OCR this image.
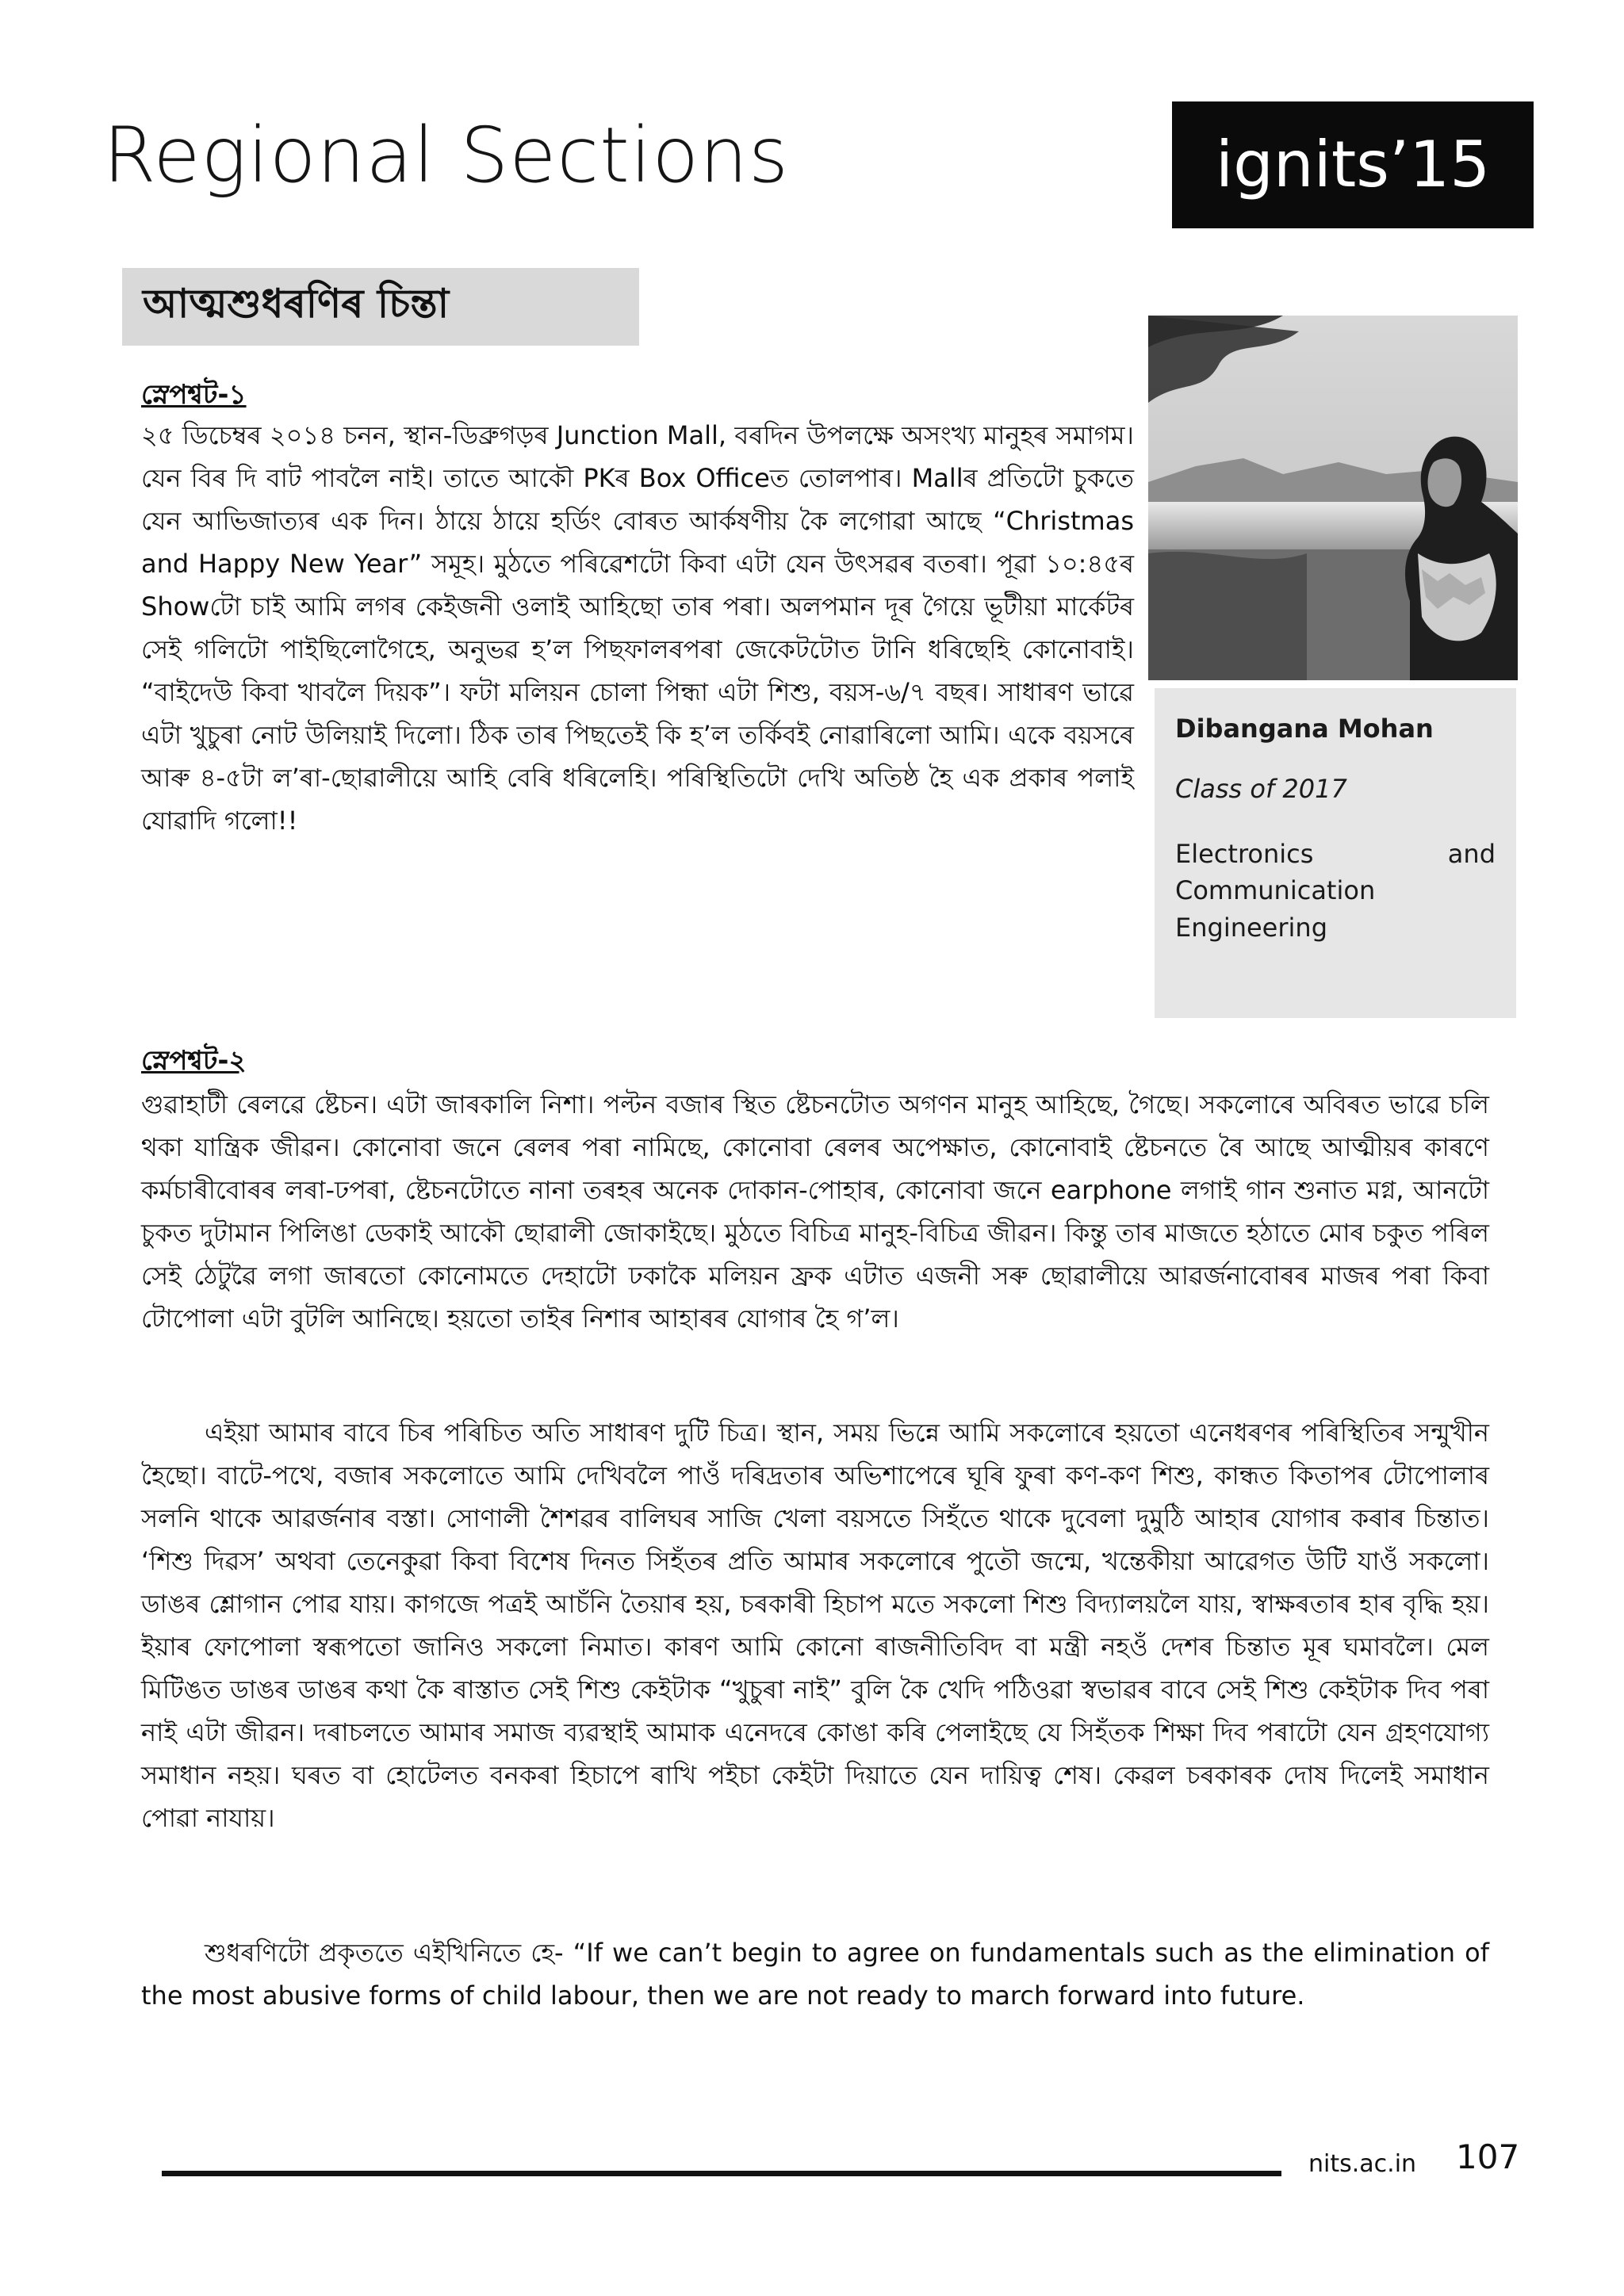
Regional Sections	ignits’15
আত্মশুধৰণিৰ চিন্তা
Dibangana Mohan
Class of 2017
Electronics and Communication Engineering
স্নেপশ্বট-১

২৫ ডিচেম্বৰ ২০১৪ চনন, স্থান-ডিব্ৰুগড়ৰ Junction Mall, বৰদিন উপলক্ষে অসংখ্য মানুহৰ সমাগম। যেন বিৰ দি বাট পাবলৈ নাই। তাতে আকৌ PKৰ Box Officeত তোলপাৰ। Mallৰ প্ৰতিটো চুকতে যেন আভিজাত্যৰ এক দিন। ঠায়ে ঠায়ে হৰ্ডিং বোৰত আৰ্কষণীয় কৈ লগোৱা আছে “Christmas and Happy New Year” সমূহ। মুঠতে পৰিৱেশটো কিবা এটা যেন উৎসৱৰ বতৰা। পূৱা ১০:৪৫ৰ Showটো চাই আমি লগৰ কেইজনী ওলাই আহিছো তাৰ পৰা। অলপমান দূৰ গৈয়ে ভূটীয়া মাৰ্কেটৰ সেই গলিটো পাইছিলোগৈহে, অনুভৱ হ’ল পিছফালৰপৰা জেকেটটোত টানি ধৰিছেহি কোনোবাই। “বাইদেউ কিবা খাবলৈ দিয়ক”। ফটা মলিয়ন চোলা পিন্ধা এটা শিশু, বয়স-৬/৭ বছৰ। সাধাৰণ ভাৱে এটা খুচুৰা নোট উলিয়াই দিলো। ঠিক তাৰ পিছতেই কি হ’ল তৰ্কিবই নোৱাৰিলো আমি। একে বয়সৰে আৰু ৪-৫টা ল’ৰা-ছোৱালীয়ে আহি বেৰি ধৰিলেহি। পৰিস্থিতিটো দেখি অতিষ্ঠ হৈ এক প্ৰকাৰ পলাই যোৱাদি গলো!!

স্নেপশ্বট-২

গুৱাহাটী ৰেলৱে ষ্টেচন। এটা জাৰকালি নিশা। পল্টন বজাৰ স্থিত ষ্টেচনটোত অগণন মানুহ আহিছে, গৈছে। সকলোৰে অবিৰত ভাৱে চলি থকা যান্ত্ৰিক জীৱন। কোনোবা জনে ৰেলৰ পৰা নামিছে, কোনোবা ৰেলৰ অপেক্ষাত, কোনোবাই ষ্টেচনতে ৰৈ আছে আত্মীয়ৰ কাৰণে কৰ্মচাৰীবোৰৰ লৰা-ঢপৰা, ষ্টেচনটোতে নানা তৰহৰ অনেক দোকান-পোহাৰ, কোনোবা জনে earphone লগাই গান শুনাত মগ্ন, আনটো চুকত দুটামান পিলিঙা ডেকাই আকৌ ছোৱালী জোকাইছে। মুঠতে বিচিত্ৰ মানুহ-বিচিত্ৰ জীৱন। কিন্তু তাৰ মাজতে হঠাতে মোৰ চকুত পৰিল সেই ঠেটুৱৈ লগা জাৰতো কোনোমতে দেহাটো ঢকাকৈ মলিয়ন ফ্ৰক এটাত এজনী সৰু ছোৱালীয়ে আৱৰ্জনাবোৰৰ মাজৰ পৰা কিবা টোপোলা এটা বুটলি আনিছে। হয়তো তাইৰ নিশাৰ আহাৰৰ যোগাৰ হৈ গ’ল।

এইয়া আমাৰ বাবে চিৰ পৰিচিত অতি সাধাৰণ দুটি চিত্ৰ। স্থান, সময় ভিন্নে আমি সকলোৰে হয়তো এনেধৰণৰ পৰিস্থিতিৰ সন্মুখীন হৈছো। বাটে-পথে, বজাৰ সকলোতে আমি দেখিবলৈ পাওঁ দৰিদ্ৰতাৰ অভিশাপেৰে ঘূৰি ফুৰা কণ-কণ শিশু, কান্ধত কিতাপৰ টোপোলাৰ সলনি থাকে আৱৰ্জনাৰ বস্তা। সোণালী শৈশৱৰ বালিঘৰ সাজি খেলা বয়সতে সিহঁতে থাকে দুবেলা দুমুঠি আহাৰ যোগাৰ কৰাৰ চিন্তাত। ‘শিশু দিৱস’ অথবা তেনেকুৱা কিবা বিশেষ দিনত সিহঁতৰ প্ৰতি আমাৰ সকলোৰে পুতৌ জন্মে, খন্তেকীয়া আৱেগত উটি যাওঁ সকলো। ডাঙৰ শ্লোগান পোৱ যায়। কাগজে পত্ৰই আচঁনি তৈয়াৰ হয়, চৰকাৰী হিচাপ মতে সকলো শিশু বিদ্যালয়লৈ যায়, স্বাক্ষৰতাৰ হাৰ বৃদ্ধি হয়। ইয়াৰ ফোপোলা স্বৰূপতো জানিও সকলো নিমাত। কাৰণ আমি কোনো ৰাজনীতিবিদ বা মন্ত্ৰী নহওঁ দেশৰ চিন্তাত মূৰ ঘমাবলৈ। মেল মিটিঙত ডাঙৰ ডাঙৰ কথা কৈ ৰাস্তাত সেই শিশু কেইটাক “খুচুৰা নাই” বুলি কৈ খেদি পঠিওৱা স্বভাৱৰ বাবে সেই শিশু কেইটাক দিব পৰা নাই এটা জীৱন। দৰাচলতে আমাৰ সমাজ ব্যৱস্থাই আমাক এনেদৰে কোঙা কৰি পেলাইছে যে সিহঁতক শিক্ষা দিব পৰাটো যেন গ্ৰহণযোগ্য সমাধান নহয়। ঘৰত বা হোটেলত বনকৰা হিচাপে ৰাখি পইচা কেইটা দিয়াতে যেন দায়িত্ব শেষ। কেৱল চৰকাৰক দোষ দিলেই সমাধান পোৱা নাযায়।

শুধৰণিটো প্ৰকৃততে এইখিনিতে হে- “If we can’t begin to agree on fundamentals such as the elimination of the most abusive forms of child labour, then we are not ready to march forward into future.

nits.ac.in 107
